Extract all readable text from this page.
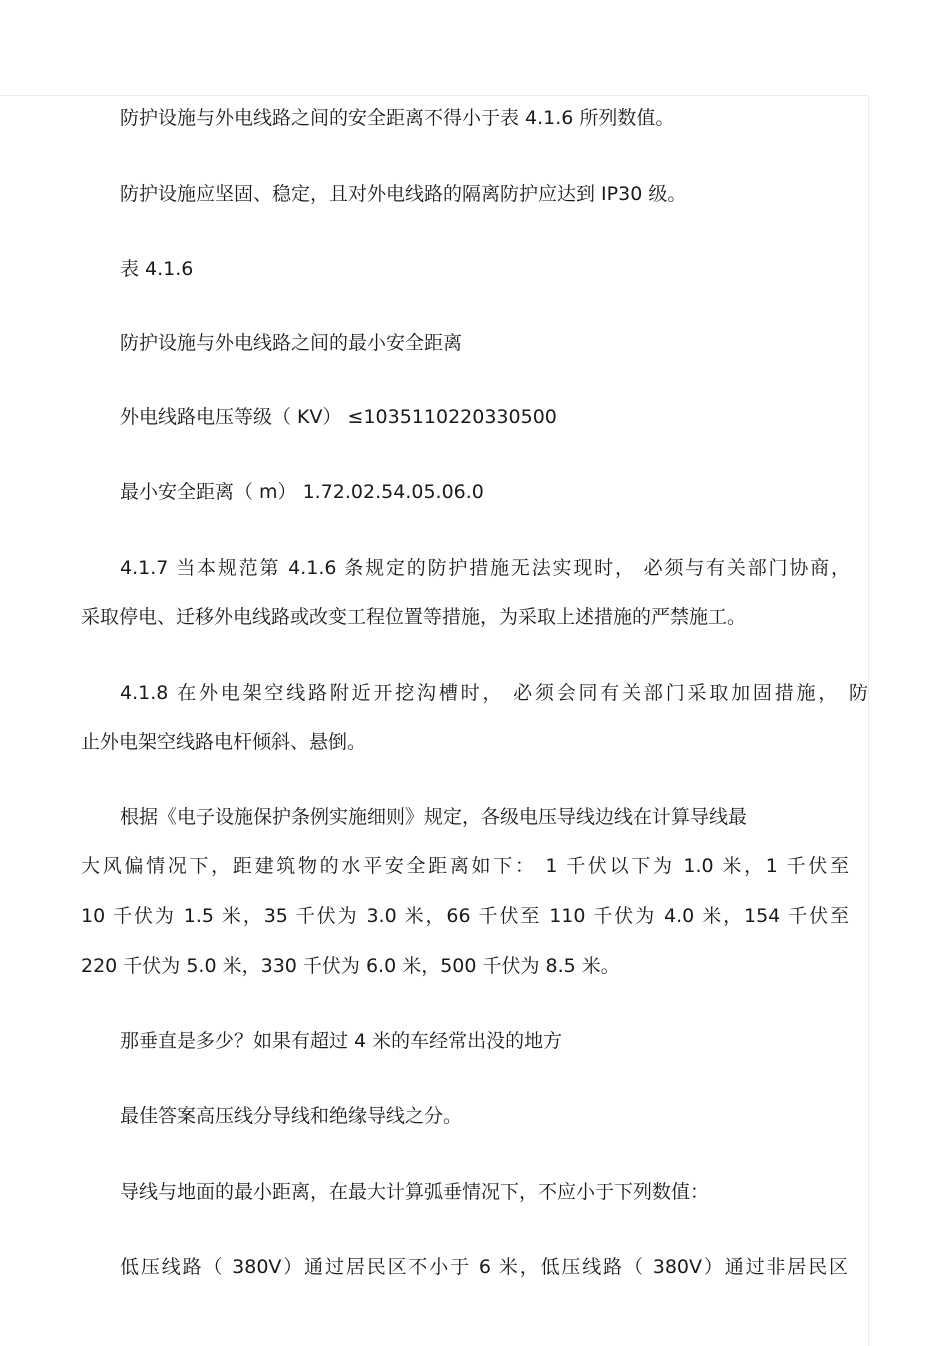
防护设施与外电线路之间的安全距离不得小于表 4.1.6 所列数值。

防护设施应坚固、稳定，且对外电线路的隔离防护应达到 IP30 级。

表 4.1.6

防护设施与外电线路之间的最小安全距离

外电线路电压等级（ KV） ≤1035110220330500

最小安全距离（ m） 1.72.02.54.05.06.0

4.1.7 当本规范第 4.1.6 条规定的防护措施无法实现时， 必须与有关部门协商，

采取停电、迁移外电线路或改变工程位置等措施，为采取上述措施的严禁施工。

4.1.8 在外电架空线路附近开挖沟槽时， 必须会同有关部门采取加固措施， 防

止外电架空线路电杆倾斜、悬倒。

根据《电子设施保护条例实施细则》规定，各级电压导线边线在计算导线最

大风偏情况下，距建筑物的水平安全距离如下： 1 千伏以下为 1.0 米，1 千伏至

10 千伏为 1.5 米，35 千伏为 3.0 米，66 千伏至 110 千伏为 4.0 米，154 千伏至

220 千伏为 5.0 米，330 千伏为 6.0 米，500 千伏为 8.5 米。

那垂直是多少？如果有超过 4 米的车经常出没的地方

最佳答案高压线分导线和绝缘导线之分。

导线与地面的最小距离，在最大计算弧垂情况下，不应小于下列数值：

低压线路（ 380V）通过居民区不小于 6 米，低压线路（ 380V）通过非居民区
